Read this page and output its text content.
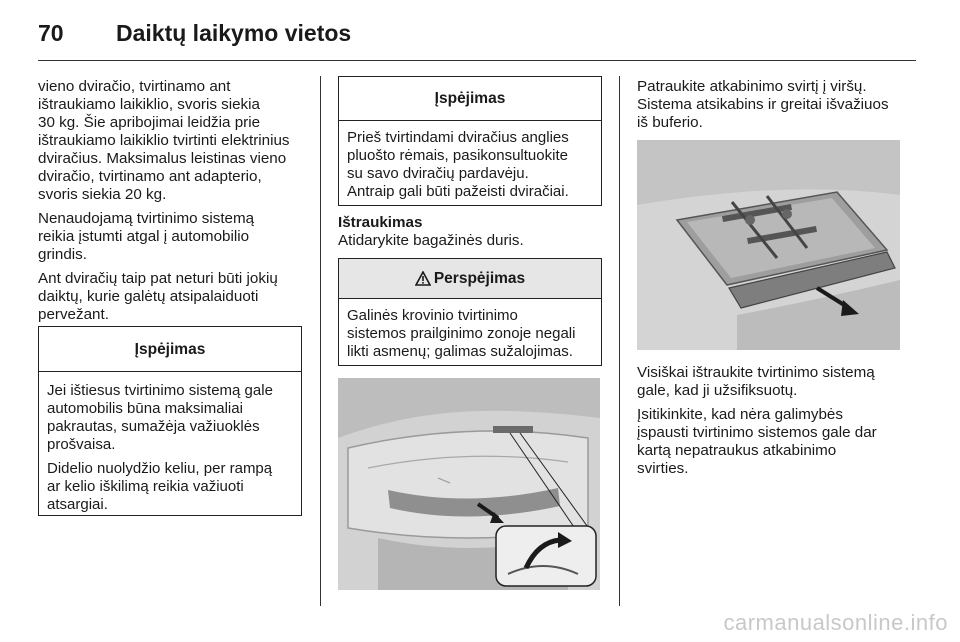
70 Daiktų laikymo vietos

vieno dviračio, tvirtinamo ant
ištraukiamo laikiklio, svoris siekia
30 kg. Šie apribojimai leidžia prie
ištraukiamo laikiklio tvirtinti elektrinius
dviračius. Maksimalus leistinas vieno
dviračio, tvirtinamo ant adapterio,
svoris siekia 20 kg.

Nenaudojamą tvirtinimo sistemą
reikia įstumti atgal į automobilio
grindis.

Ant dviračių taip pat neturi būti jokių
daiktų, kurie galėtų atsipalaiduoti
pervežant.

Įspėjimas

Jei ištiesus tvirtinimo sistemą gale
automobilis būna maksimaliai
pakrautas, sumažėja važiuoklės
prošvaisa.

Didelio nuolydžio keliu, per rampą
ar kelio iškilimą reikia važiuoti
atsargiai.

Įspėjimas
Prieš tvirtindami dviračius anglies
pluošto rėmais, pasikonsultuokite
su savo dviračių pardavėju.
Antraip gali būti pažeisti dviračiai.
Ištraukimas
Atidarykite bagažinės duris.
Perspėjimas
Galinės krovinio tvirtinimo
sistemos prailginimo zonoje negali
likti asmenų; galimas sužalojimas.

Patraukite atkabinimo svirtį į viršų.
Sistema atsikabins ir greitai išvažiuos
iš buferio.

Visiškai ištraukite tvirtinimo sistemą
gale, kad ji užsifiksuotų.

Įsitikinkite, kad nėra galimybės
įspausti tvirtinimo sistemos gale dar
kartą nepatraukus atkabinimo
svirties.

carmanualsonline.info
